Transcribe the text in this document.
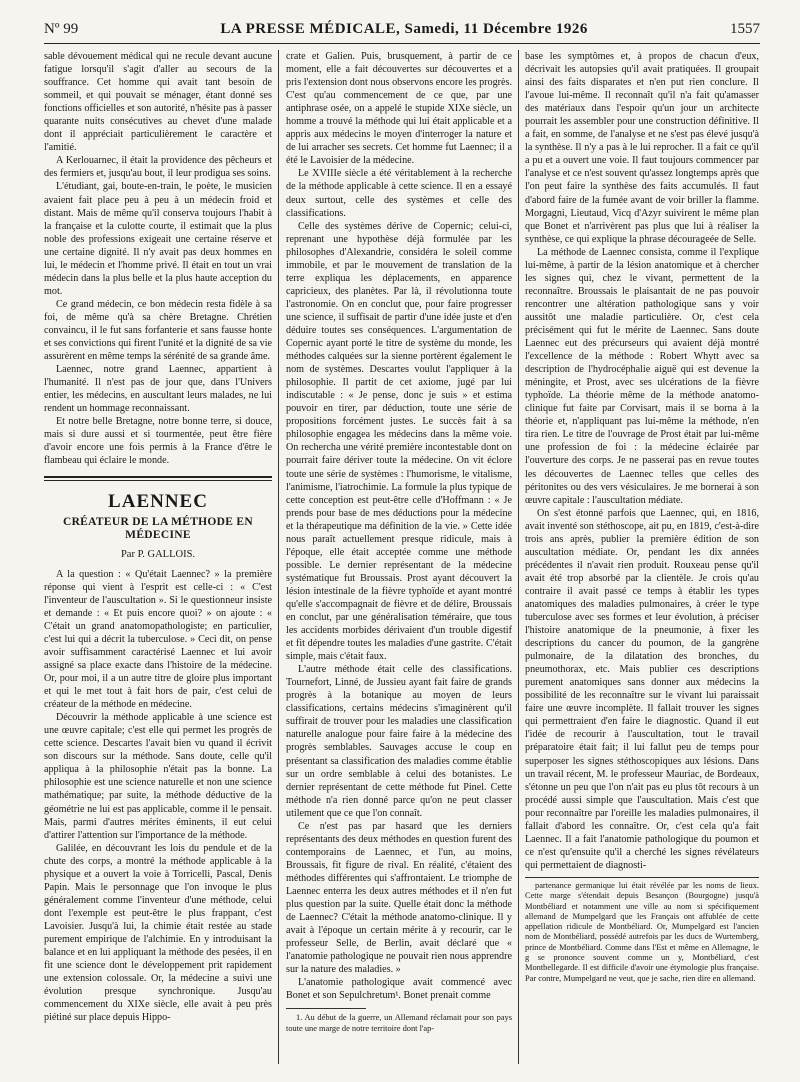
Nº 99	LA PRESSE MÉDICALE, Samedi, 11 Décembre 1926	1557

sable dévouement médical qui ne recule devant aucune fatigue lorsqu'il s'agit d'aller au secours de la souffrance. Cet homme qui avait tant besoin de sommeil, et qui pouvait se ménager, étant donné ses fonctions officielles et son autorité, n'hésite pas à passer quarante nuits consécutives au chevet d'une malade dont il appréciait particulièrement le caractère et l'amitié.

A Kerlouarnec, il était la providence des pêcheurs et des fermiers et, jusqu'au bout, il leur prodigua ses soins.

L'étudiant, gai, boute-en-train, le poète, le musicien avaient fait place peu à peu à un médecin froid et distant. Mais de même qu'il conserva toujours l'habit à la française et la culotte courte, il estimait que la plus noble des professions exigeait une certaine réserve et une certaine dignité. Il n'y avait pas deux hommes en lui, le médecin et l'homme privé. Il était en tout un vrai médecin dans la plus belle et la plus haute acception du mot.

Ce grand médecin, ce bon médecin resta fidèle à sa foi, de même qu'à sa chère Bretagne. Chrétien convaincu, il le fut sans forfanterie et sans fausse honte et ses convictions qui firent l'unité et la dignité de sa vie assurèrent en même temps la sérénité de sa grande âme.

Laennec, notre grand Laennec, appartient à l'humanité. Il n'est pas de jour que, dans l'Univers entier, les médecins, en auscultant leurs malades, ne lui rendent un hommage reconnaissant.

Et notre belle Bretagne, notre bonne terre, si douce, mais si dure aussi et si tourmentée, peut être fière d'avoir encore une fois permis à la France d'être le flambeau qui éclaire le monde.

LAENNEC
CRÉATEUR DE LA MÉTHODE EN MÉDECINE
Par P. GALLOIS.

A la question : « Qu'était Laennec? » la première réponse qui vient à l'esprit est celle-ci : « C'est l'inventeur de l'auscultation ». Si le questionneur insiste et demande : « Et puis encore quoi? » on ajoute : « C'était un grand anatomopathologiste; en particulier, c'est lui qui a décrit la tuberculose. » Ceci dit, on pense avoir suffisamment caractérisé Laennec et lui avoir assigné sa place exacte dans l'histoire de la médecine. Or, pour moi, il a un autre titre de gloire plus important et qui le met tout à fait hors de pair, c'est celui de créateur de la méthode en médecine.

Découvrir la méthode applicable à une science est une œuvre capitale; c'est elle qui permet les progrès de cette science. Descartes l'avait bien vu quand il écrivit son discours sur la méthode. Sans doute, celle qu'il appliqua à la philosophie n'était pas la bonne. La philosophie est une science naturelle et non une science mathématique; par suite, la méthode déductive de la géométrie ne lui est pas applicable, comme il le pensait. Mais, parmi d'autres mérites éminents, il eut celui d'attirer l'attention sur l'importance de la méthode.

Galilée, en découvrant les lois du pendule et de la chute des corps, a montré la méthode applicable à la physique et a ouvert la voie à Torricelli, Pascal, Denis Papin. Mais le personnage que l'on invoque le plus généralement comme l'inventeur d'une méthode, celui dont l'exemple est peut-être le plus frappant, c'est Lavoisier. Jusqu'à lui, la chimie était restée au stade purement empirique de l'alchimie. En y introduisant la balance et en lui appliquant la méthode des pesées, il en fit une science dont le développement prit rapidement une extension colossale. Or, la médecine a suivi une évolution presque synchronique. Jusqu'au commencement du XIXe siècle, elle avait à peu près piétiné sur place depuis Hippo-

crate et Galien. Puis, brusquement, à partir de ce moment, elle a fait découvertes sur découvertes et a pris l'extension dont nous observons encore les progrès. C'est qu'au commencement de ce que, par une antiphrase osée, on a appelé le stupide XIXe siècle, un homme a trouvé la méthode qui lui était applicable et a appris aux médecins le moyen d'interroger la nature et de lui arracher ses secrets. Cet homme fut Laennec; il a été le Lavoisier de la médecine.

Le XVIIIe siècle a été véritablement à la recherche de la méthode applicable à cette science. Il en a essayé deux surtout, celle des systèmes et celle des classifications.

Celle des systèmes dérive de Copernic; celui-ci, reprenant une hypothèse déjà formulée par les philosophes d'Alexandrie, considéra le soleil comme immobile, et par le mouvement de translation de la terre expliqua les déplacements, en apparence capricieux, des planètes. Par là, il révolutionna toute l'astronomie. On en conclut que, pour faire progresser une science, il suffisait de partir d'une idée juste et d'en déduire toutes ses conséquences. L'argumentation de Copernic ayant porté le titre de système du monde, les méthodes calquées sur la sienne portèrent également le nom de systèmes. Descartes voulut l'appliquer à la philosophie. Il partit de cet axiome, jugé par lui indiscutable : « Je pense, donc je suis » et estima pouvoir en tirer, par déduction, toute une série de propositions forcément justes. Le succès fait à sa philosophie engagea les médecins dans la même voie. On rechercha une vérité première incontestable dont on pourrait faire dériver toute la médecine. On vit éclore toute une série de systèmes : l'humorisme, le vitalisme, l'animisme, l'iatrochimie. La formule la plus typique de cette conception est peut-être celle d'Hoffmann : « Je prends pour base de mes déductions pour la médecine et la thérapeutique ma définition de la vie. » Cette idée nous paraît actuellement presque ridicule, mais à l'époque, elle était acceptée comme une méthode possible. Le dernier représentant de la médecine systématique fut Broussais. Prost ayant découvert la lésion intestinale de la fièvre typhoïde et ayant montré qu'elle s'accompagnait de fièvre et de délire, Broussais en conclut, par une généralisation téméraire, que tous les accidents morbides dérivaient d'un trouble digestif et fit dépendre toutes les maladies d'une gastrite. C'était simple, mais c'était faux.

L'autre méthode était celle des classifications. Tournefort, Linné, de Jussieu ayant fait faire de grands progrès à la botanique au moyen de leurs classifications, certains médecins s'imaginèrent qu'il suffirait de trouver pour les maladies une classification naturelle analogue pour faire faire à la médecine des progrès semblables. Sauvages accuse le coup en présentant sa classification des maladies comme établie sur un ordre semblable à celui des botanistes. Le dernier représentant de cette méthode fut Pinel. Cette méthode n'a rien donné parce qu'on ne peut classer utilement que ce que l'on connaît.

Ce n'est pas par hasard que les derniers représentants des deux méthodes en question furent des contemporains de Laennec, et l'un, au moins, Broussais, fit figure de rival. En réalité, c'étaient des méthodes différentes qui s'affrontaient. Le triomphe de Laennec enterra les deux autres méthodes et il n'en fut plus question par la suite. Quelle était donc la méthode de Laennec? C'était la méthode anatomo-clinique. Il y avait à l'époque un certain mérite à y recourir, car le professeur Selle, de Berlin, avait déclaré que « l'anatomie pathologique ne pouvait rien nous apprendre sur la nature des maladies. »

L'anatomie pathologique avait commencé avec Bonet et son Sepulchretum¹. Bonet prenait comme

1. Au début de la guerre, un Allemand réclamait pour son pays toute une marge de notre territoire dont l'ap-

base les symptômes et, à propos de chacun d'eux, décrivait les autopsies qu'il avait pratiquées. Il groupait ainsi des faits disparates et n'en put rien conclure. Il l'avoue lui-même. Il reconnaît qu'il n'a fait qu'amasser des matériaux dans l'espoir qu'un jour un architecte pourrait les assembler pour une construction définitive. Il a fait, en somme, de l'analyse et ne s'est pas élevé jusqu'à la synthèse. Il n'y a pas à le lui reprocher. Il a fait ce qu'il a pu et a ouvert une voie. Il faut toujours commencer par l'analyse et ce n'est souvent qu'assez longtemps après que l'on peut faire la synthèse des faits accumulés. Il faut d'abord faire de la fumée avant de voir briller la flamme. Morgagni, Lieutaud, Vicq d'Azyr suivirent le même plan que Bonet et n'arrivèrent pas plus que lui à réaliser la synthèse, ce qui explique la phrase décourageée de Selle.

La méthode de Laennec consista, comme il l'explique lui-même, à partir de la lésion anatomique et à chercher les signes qui, chez le vivant, permettent de la reconnaître. Broussais le plaisantait de ne pas pouvoir rencontrer une altération pathologique sans y voir aussitôt une maladie particulière. Or, c'est cela précisément qui fut le mérite de Laennec. Sans doute Laennec eut des précurseurs qui avaient déjà montré l'excellence de la méthode : Robert Whytt avec sa description de l'hydrocéphalie aiguë qui est devenue la méningite, et Prost, avec ses ulcérations de la fièvre typhoïde. La théorie même de la méthode anatomo-clinique fut faite par Corvisart, mais il se borna à la théorie et, n'appliquant pas lui-même la méthode, n'en tira rien. Le titre de l'ouvrage de Prost était par lui-même une profession de foi : la médecine éclairée par l'ouverture des corps. Je ne passerai pas en revue toutes les découvertes de Laennec telles que celles des péritonites ou des vers vésiculaires. Je me bornerai à son œuvre capitale : l'auscultation médiate.

On s'est étonné parfois que Laennec, qui, en 1816, avait inventé son stéthoscope, ait pu, en 1819, c'est-à-dire trois ans après, publier la première édition de son auscultation médiate. Or, pendant les dix années précédentes il n'avait rien produit. Rouxeau pense qu'il avait été trop absorbé par la clientèle. Je crois qu'au contraire il avait passé ce temps à établir les types anatomiques des maladies pulmonaires, à créer le type tuberculose avec ses formes et leur évolution, à préciser l'histoire anatomique de la pneumonie, à fixer les descriptions du cancer du poumon, de la gangrène pulmonaire, de la dilatation des bronches, du pneumothorax, etc. Mais publier ces descriptions purement anatomiques sans donner aux médecins la possibilité de les reconnaître sur le vivant lui paraissait faire une œuvre incomplète. Il fallait trouver les signes qui permettraient d'en faire le diagnostic. Quand il eut l'idée de recourir à l'auscultation, tout le travail préparatoire était fait; il lui fallut peu de temps pour superposer les signes stéthoscopiques aux lésions. Dans un travail récent, M. le professeur Mauriac, de Bordeaux, s'étonne un peu que l'on n'ait pas eu plus tôt recours à un procédé aussi simple que l'auscultation. Mais c'est que pour reconnaître par l'oreille les maladies pulmonaires, il fallait d'abord les connaître. Or, c'est cela qu'a fait Laennec. Il a fait l'anatomie pathologique du poumon et ce n'est qu'ensuite qu'il a cherché les signes révélateurs qui permettaient de diagnosti-

partenance germanique lui était révélée par les noms de lieux. Cette marge s'étendait depuis Besançon (Bourgogne) jusqu'à Montbéliard et notamment une ville au nom si spécifiquement allemand de Mumpelgard que les Français ont affublée de cette appellation ridicule de Montbéliard. Or, Mumpelgard est l'ancien nom de Montbéliard, possédé autrefois par les ducs de Wurtemberg, prince de Montbéliard. Comme dans l'Est et même en Allemagne, le g se prononce souvent comme un y, Montbéliard, c'est Montbellegarde. Il est difficile d'avoir une étymologie plus française. Par contre, Mumpelgard ne veut, que je sache, rien dire en allemand.
